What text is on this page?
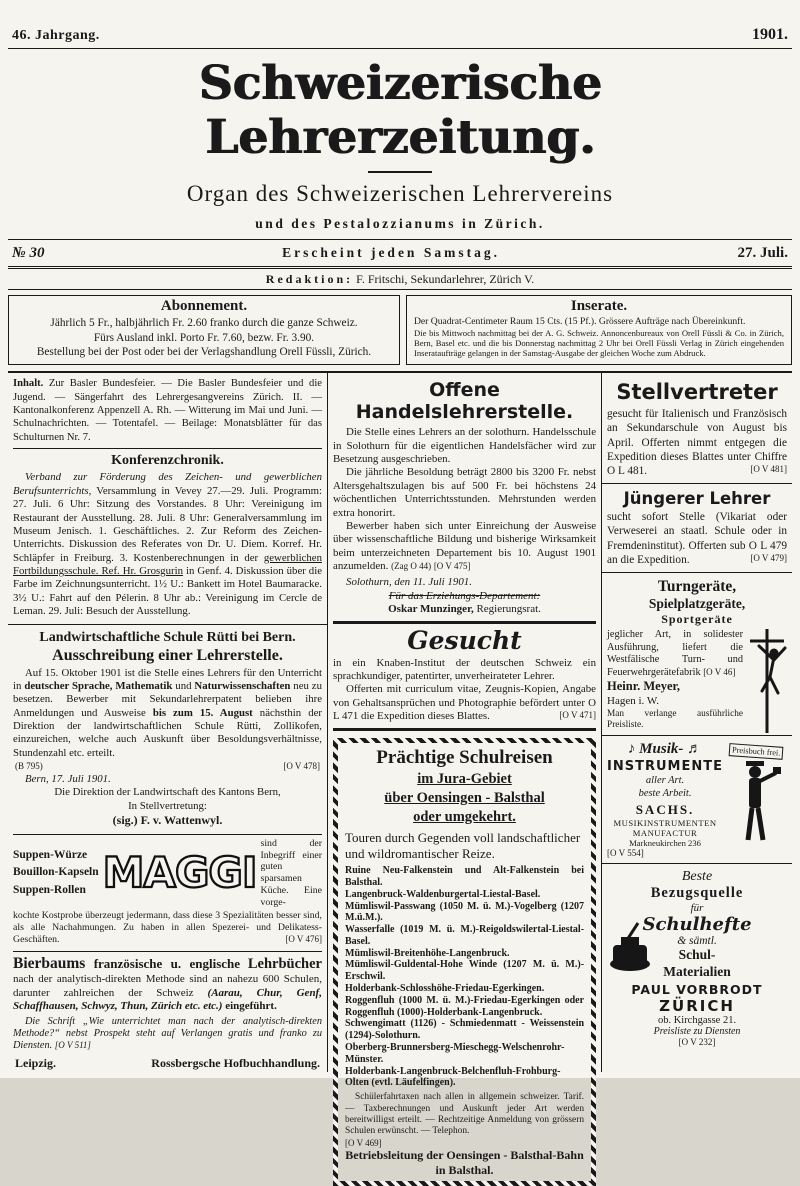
46. Jahrgang.	1901.
Schweizerische Lehrerzeitung.
Organ des Schweizerischen Lehrervereins
und des Pestalozzianums in Zürich.
№ 30	Erscheint jeden Samstag.	27. Juli.
Redaktion: F. Fritschi, Sekundarlehrer, Zürich V.
Abonnement.
Jährlich 5 Fr., halbjährlich Fr. 2.60 franko durch die ganze Schweiz.
Fürs Ausland inkl. Porto Fr. 7.60, bezw. Fr. 3.90.
Bestellung bei der Post oder bei der Verlagshandlung Orell Füssli, Zürich.
Inserate.
Der Quadrat-Centimeter Raum 15 Cts. (15 Pf.). Grössere Aufträge nach Übereinkunft.
Die bis Mittwoch nachmittag bei der A. G. Schweiz. Annoncenbureaux von Orell Füssli & Co. in Zürich, Bern, Basel etc. und die bis Donnerstag nachmittag 2 Uhr bei Orell Füssli Verlag in Zürich eingehenden Inserataufträge gelangen in der Samstag-Ausgabe der gleichen Woche zum Abdruck.
Inhalt. Zur Basler Bundesfeier. — Die Basler Bundesfeier und die Jugend. — Sängerfahrt des Lehrergesangvereins Zürich. II. — Kantonalkonferenz Appenzell A. Rh. — Witterung im Mai und Juni. — Schulnachrichten. — Totentafel. — Beilage: Monatsblätter für das Schulturnen Nr. 7.
Konferenzchronik.

Verband zur Förderung des Zeichen- und gewerblichen Berufsunterrichts, Versammlung in Vevey 27.—29. Juli. Programm: 27. Juli. 6 Uhr: Sitzung des Vorstandes. 8 Uhr: Vereinigung im Restaurant der Ausstellung. 28. Juli. 8 Uhr: Generalversammlung im Museum Jenisch. 1. Geschäftliches. 2. Zur Reform des Zeichen-Unterrichts. Diskussion des Referates von Dr. U. Diem. Korref. Hr. Schläpfer in Freiburg. 3. Kostenberechnungen in der gewerblichen Fortbildungsschule. Ref. Hr. Grosgurin in Genf. 4. Diskussion über die Farbe im Zeichnungsunterricht. 1½ U.: Bankett im Hotel Baumaracke. 3½ U.: Fahrt auf den Pélerin. 8 Uhr ab.: Vereinigung im Cercle de Leman. 29. Juli: Besuch der Ausstellung.

Landwirtschaftliche Schule Rütti bei Bern.
Ausschreibung einer Lehrerstelle.

Auf 15. Oktober 1901 ist die Stelle eines Lehrers für den Unterricht in deutscher Sprache, Mathematik und Naturwissenschaften neu zu besetzen. Bewerber mit Sekundarlehrerpatent belieben ihre Anmeldungen und Ausweise bis zum 15. August nächsthin der Direktion der landwirtschaftlichen Schule Rütti, Zollikofen, einzureichen, welche auch Auskunft über Besoldungsverhältnisse, Stundenzahl etc. erteilt.

(B 795)	[O V 478]
Bern, 17. Juli 1901.
Die Direktion der Landwirtschaft des Kantons Bern,
In Stellvertretung:
(sig.) F. v. Wattenwyl.
Suppen-Würze
Bouillon-Kapseln
Suppen-Rollen MAGGI
sind der Inbegriff einer guten sparsamen Küche. Eine vorge-
kochte Kostprobe überzeugt jedermann, dass diese 3 Spezialitäten besser sind, als alle Nachahmungen. Zu haben in allen Spezerei- und Delikatess-Geschäften.	[O V 476]

Bierbaums französische u. englische Lehrbücher nach der analytisch-direkten Methode sind an nahezu 600 Schulen, darunter zahlreichen der Schweiz (Aarau, Chur, Genf, Schaffhausen, Schwyz, Thun, Zürich etc. etc.) eingeführt.

Die Schrift „Wie unterrichtet man nach der analytisch-direkten Methode?“ nebst Prospekt steht auf Verlangen gratis und franko zu Diensten. [O V 511]
Leipzig.	Rossbergsche Hofbuchhandlung.
Offene Handelslehrerstelle.

Die Stelle eines Lehrers an der solothurn. Handelsschule in Solothurn für die eigentlichen Handelsfächer wird zur Besetzung ausgeschrieben.

Die jährliche Besoldung beträgt 2800 bis 3200 Fr. nebst Altersgehaltszulagen bis auf 500 Fr. bei höchstens 24 wöchentlichen Unterrichtsstunden. Mehrstunden werden extra honorirt.

Bewerber haben sich unter Einreichung der Ausweise über wissenschaftliche Bildung und bisherige Wirksamkeit beim unterzeichneten Departement bis 10. August 1901 anzumelden. (Zag O 44) [O V 475]

Solothurn, den 11. Juli 1901.
Für das Erziehungs-Departement:
Oskar Munzinger, Regierungsrat.
Gesucht

in ein Knaben-Institut der deutschen Schweiz ein sprachkundiger, patentirter, unverheirateter Lehrer.

Offerten mit curriculum vitae, Zeugnis-Kopien, Angabe von Gehaltsansprüchen und Photographie befördert unter O L 471 die Expedition dieses Blattes.	[O V 471]

Prächtige Schulreisen
im Jura-Gebiet
über Oensingen - Balsthal
oder umgekehrt.
Touren durch Gegenden voll landschaftlicher und wildromantischer Reize.
Ruine Neu-Falkenstein und Alt-Falkenstein bei Balsthal.
Langenbruck-Waldenburgertal-Liestal-Basel.
Mümliswil-Passwang (1050 M. ü. M.)-Vogelberg (1207 M.ü.M.).
Wasserfalle (1019 M. ü. M.)-Reigoldswilertal-Liestal-Basel.
Mümliswil-Breitenhöhe-Langenbruck.
Mümliswil-Guldental-Hohe Winde (1207 M. ü. M.)-Erschwil.
Holderbank-Schlosshöhe-Friedau-Egerkingen.
Roggenfluh (1000 M. ü. M.)-Friedau-Egerkingen oder Roggenfluh (1000)-Holderbank-Langenbruck.
Schwengimatt (1126) - Schmiedenmatt - Weissenstein (1294)-Solothurn.
Oberberg-Brunnersberg-Mieschegg-Welschenrohr-Münster.
Holderbank-Langenbruck-Belchenfluh-Frohburg-Olten (evtl. Läufelfingen).
Schülerfahrtaxen nach allen in allgemein schweizer. Tarif. — Taxberechnungen und Auskunft jeder Art werden bereitwilligst erteilt. — Rechtzeitige Anmeldung von grössern Schulen erwünscht. — Telephon.
[O V 469]
Betriebsleitung der Oensingen - Balsthal-Bahn
in Balsthal.
Stellvertreter

gesucht für Italienisch und Französisch an Sekundarschule von August bis April. Offerten nimmt entgegen die Expedition dieses Blattes unter Chiffre O L 481.	[O V 481]

Jüngerer Lehrer

sucht sofort Stelle (Vikariat oder Verweserei an staatl. Schule oder in Fremdeninstitut). Offerten sub O L 479 an die Expedition.	[O V 479]

Turngeräte,
Spielplatzgeräte,
Sportgeräte
jeglicher Art, in solidester Ausführung, liefert die Westfälische Turn- und Feuerwehrgerätefabrik [O V 46]
Heinr. Meyer,
Hagen i. W.
Man verlange ausführliche Preisliste.
♪ Musik- ♬
INSTRUMENTE
aller Art.
beste Arbeit.
SACHS.
MUSIKINSTRUMENTEN
MANUFACTUR
Markneukirchen 236
[O V 554]
Preisbuch frei.
Beste
Bezugsquelle
für
Schulhefte
& sämtl.
Schul-
Materialien
PAUL VORBRODT
ZÜRICH
ob. Kirchgasse 21.
Preisliste zu Diensten
[O V 232]
